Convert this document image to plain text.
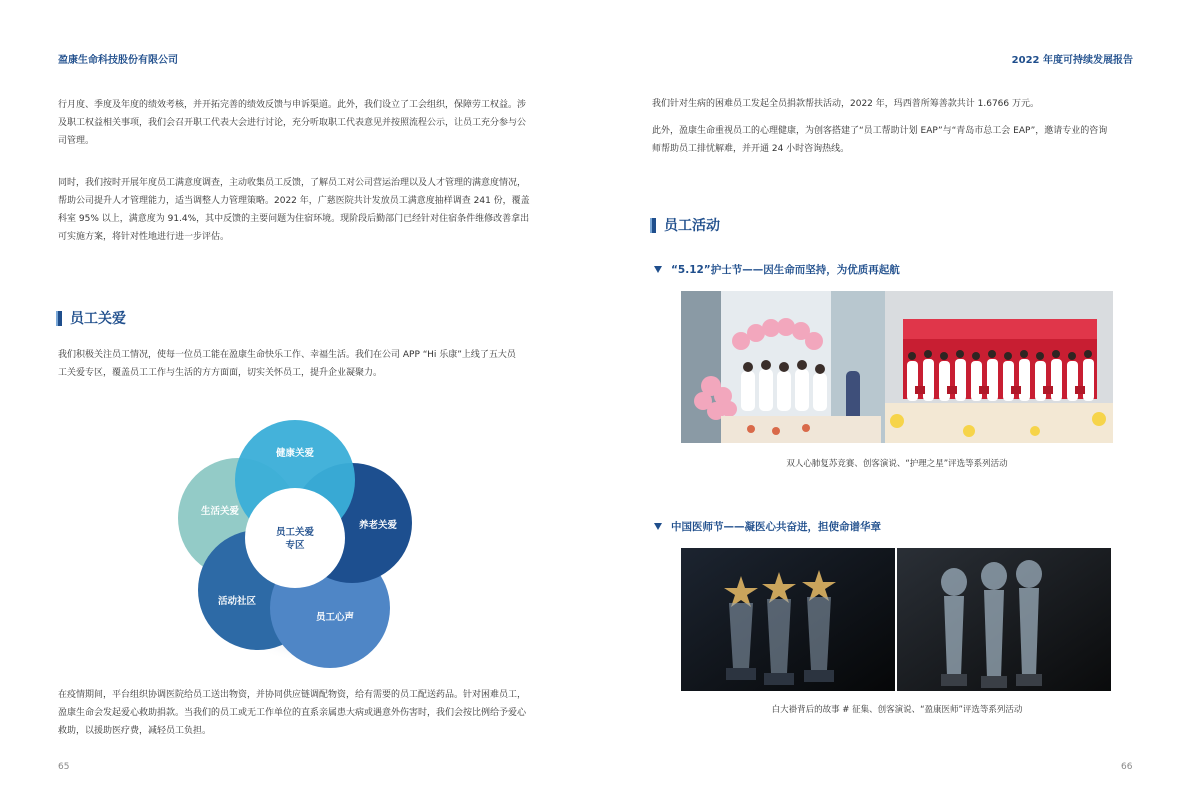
盈康生命科技股份有限公司	2022 年度可持续发展报告
行月度、季度及年度的绩效考核，并开拓完善的绩效反馈与申诉渠道。此外，我们设立了工会组织，保障劳工权益。涉
及职工权益相关事项，我们会召开职工代表大会进行讨论，充分听取职工代表意见并按照流程公示，让员工充分参与公
司管理。
同时，我们按时开展年度员工满意度调查，主动收集员工反馈，了解员工对公司营运治理以及人才管理的满意度情况，
帮助公司提升人才管理能力，适当调整人力管理策略。2022 年，广慈医院共计发放员工满意度抽样调查 241 份，覆盖
科室 95% 以上，满意度为 91.4%，其中反馈的主要问题为住宿环境。现阶段后勤部门已经针对住宿条件维修改善拿出
可实施方案，将针对性地进行进一步评估。
员工关爱
我们积极关注员工情况，使每一位员工能在盈康生命快乐工作、幸福生活。我们在公司 APP “Hi 乐康”上线了五大员
工关爱专区，覆盖员工工作与生活的方方面面，切实关怀员工，提升企业凝聚力。
健康关爱
养老关爱
员工心声
活动社区
生活关爱
员工关爱
专区
在疫情期间，平台组织协调医院给员工送出物资，并协同供应链调配物资，给有需要的员工配送药品。针对困难员工，
盈康生命会发起爱心救助捐款。当我们的员工或无工作单位的直系亲属患大病或遇意外伤害时，我们会按比例给予爱心
救助，以援助医疗费，减轻员工负担。
65
我们针对生病的困难员工发起全员捐款帮扶活动，2022 年，玛西普所筹善款共计 1.6766 万元。
此外，盈康生命重视员工的心理健康，为创客搭建了“员工帮助计划 EAP”与“青岛市总工会 EAP”，邀请专业的咨询
师帮助员工排忧解难，并开通 24 小时咨询热线。
员工活动
“5.12”护士节——因生命而坚持，为优质再起航
双人心肺复苏竞赛、创客演说、“护理之星”评选等系列活动
中国医师节——凝医心共奋进，担使命谱华章
白大褂背后的故事 # 征集、创客演说、“盈康医师”评选等系列活动
66
